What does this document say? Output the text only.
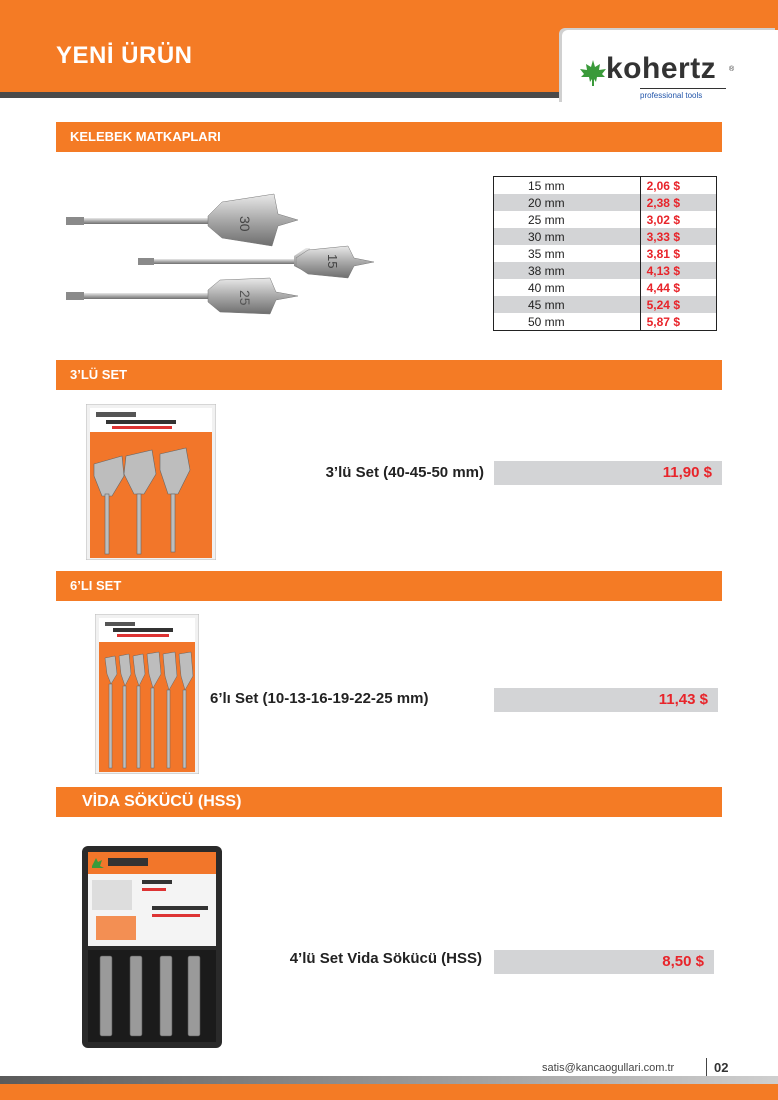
YENİ ÜRÜN	kohertz ®
professional tools
KELEBEK MATKAPLARI
30
25
15
15 mm	2,06 $
20 mm	2,38 $
25 mm	3,02 $
30 mm	3,33 $
35 mm	3,81 $
38 mm	4,13 $
40 mm	4,44 $
45 mm	5,24 $
50 mm	5,87 $
3’LÜ SET
3’lü Set (40-45-50 mm)	11,90 $
6’LI SET
6’lı Set (10-13-16-19-22-25 mm)	11,43 $
VİDA SÖKÜCÜ (HSS)
4’lü Set Vida Sökücü (HSS)	8,50 $
satis@kancaogullari.com.tr	02
